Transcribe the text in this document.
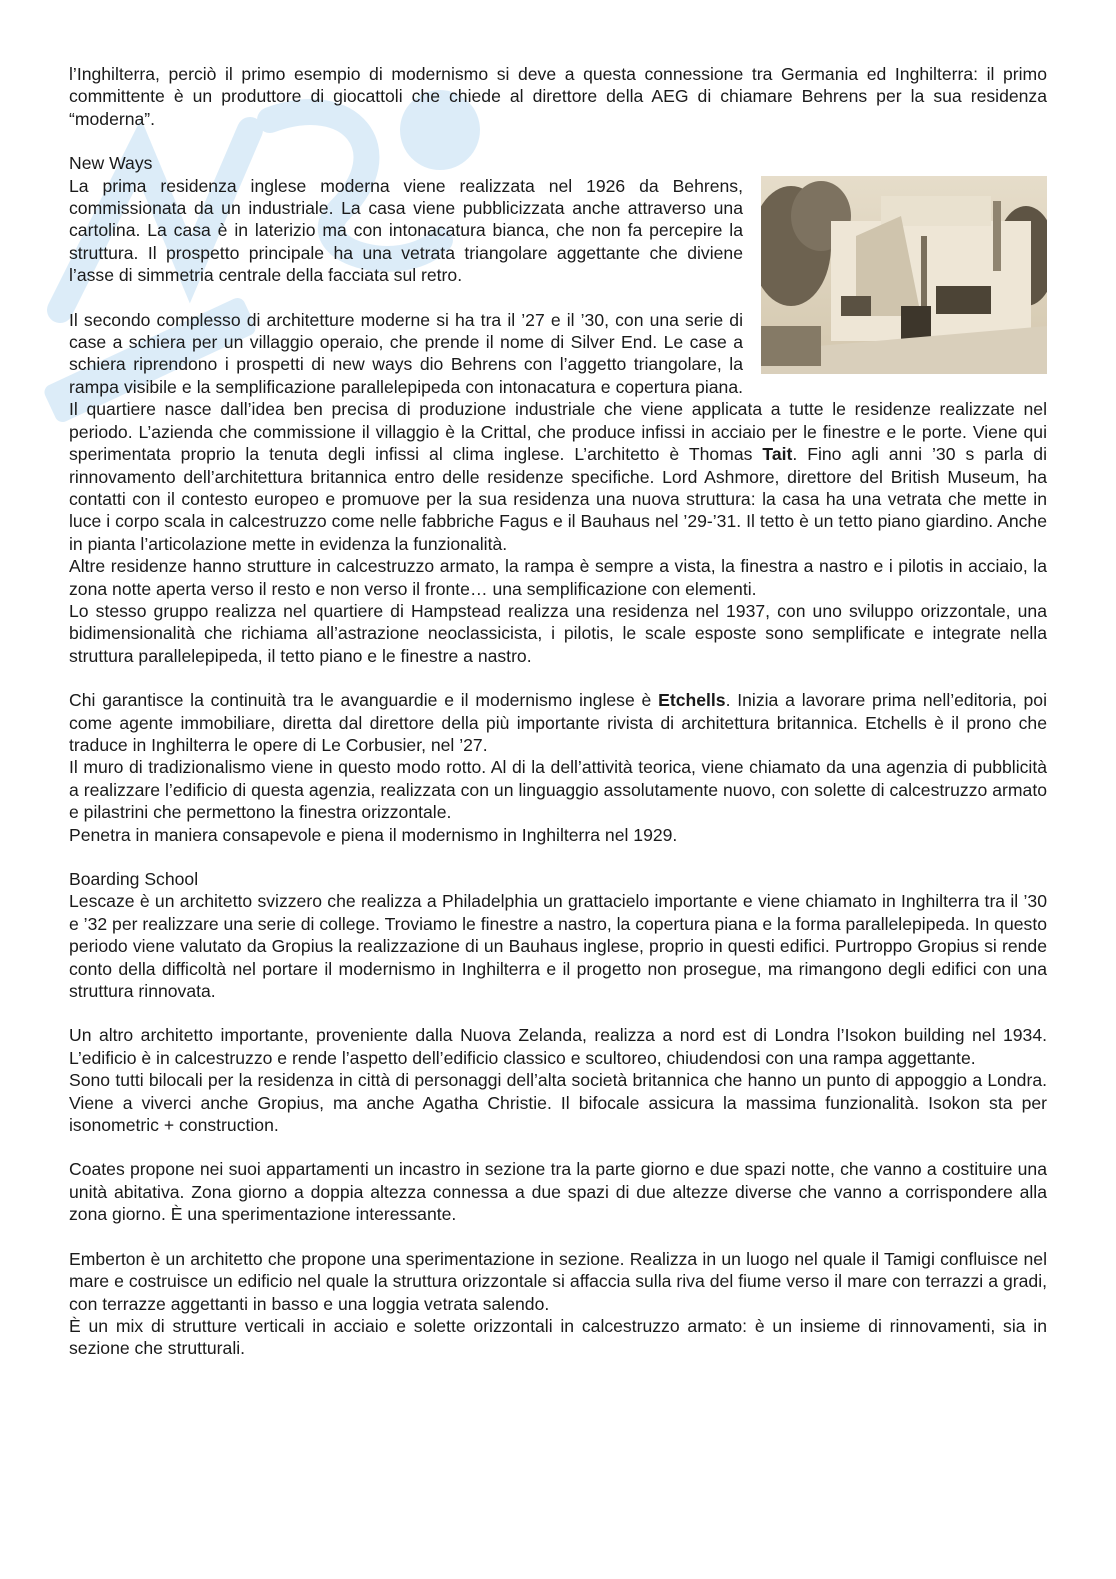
l’Inghilterra, perciò il primo esempio di modernismo si deve a questa connessione tra Germania ed Inghilterra: il primo committente è un produttore di giocattoli che chiede al direttore della AEG di chiamare Behrens per la sua residenza “moderna”.

New Ways

La prima residenza inglese moderna viene realizzata nel 1926 da Behrens, commissionata da un industriale. La casa viene pubblicizzata anche attraverso una cartolina. La casa è in laterizio ma con intonacatura bianca, che non fa percepire la struttura. Il prospetto principale ha una vetrata triangolare aggettante che diviene l’asse di simmetria centrale della facciata sul retro.

Il secondo complesso di architetture moderne si ha tra il ’27 e il ’30, con una serie di case a schiera per un villaggio operaio, che prende il nome di Silver End. Le case a schiera riprendono i prospetti di new ways dio Behrens con l’aggetto triangolare, la rampa visibile e la semplificazione parallelepipeda con intonacatura e copertura piana. Il quartiere nasce dall’idea ben precisa di produzione industriale che viene applicata a tutte le residenze realizzate nel periodo. L’azienda che commissione il villaggio è la Crittal, che produce infissi in acciaio per le finestre e le porte. Viene qui sperimentata proprio la tenuta degli infissi al clima inglese. L’architetto è Thomas Tait. Fino agli anni ’30 s parla di rinnovamento dell’architettura britannica entro delle residenze specifiche. Lord Ashmore, direttore del British Museum, ha contatti con il contesto europeo e promuove per la sua residenza una nuova struttura: la casa ha una vetrata che mette in luce i corpo scala in calcestruzzo come nelle fabbriche Fagus e il Bauhaus nel ’29-’31. Il tetto è un tetto piano giardino. Anche in pianta l’articolazione mette in evidenza la funzionalità.

Altre residenze hanno strutture in calcestruzzo armato, la rampa è sempre a vista, la finestra a nastro e i pilotis in acciaio, la zona notte aperta verso il resto e non verso il fronte… una semplificazione con elementi.

Lo stesso gruppo realizza nel quartiere di Hampstead realizza una residenza nel 1937, con uno sviluppo orizzontale, una bidimensionalità che richiama all’astrazione neoclassicista, i pilotis, le scale esposte sono semplificate e integrate nella struttura parallelepipeda, il tetto piano e le finestre a nastro.

Chi garantisce la continuità tra le avanguardie e il modernismo inglese è Etchells. Inizia a lavorare prima nell’editoria, poi come agente immobiliare, diretta dal direttore della più importante rivista di architettura britannica. Etchells è il prono che traduce in Inghilterra le opere di Le Corbusier, nel ’27.

Il muro di tradizionalismo viene in questo modo rotto. Al di la dell’attività teorica, viene chiamato da una agenzia di pubblicità a realizzare l’edificio di questa agenzia, realizzata con un linguaggio assolutamente nuovo, con solette di calcestruzzo armato e pilastrini che permettono la finestra orizzontale.

Penetra in maniera consapevole e piena il modernismo in Inghilterra nel 1929.

Boarding School

Lescaze è un architetto svizzero che realizza a Philadelphia un grattacielo importante e viene chiamato in Inghilterra tra il ’30 e ’32 per realizzare una serie di college. Troviamo le finestre a nastro, la copertura piana e la forma parallelepipeda. In questo periodo viene valutato da Gropius la realizzazione di un Bauhaus inglese, proprio in questi edifici. Purtroppo Gropius si rende conto della difficoltà nel portare il modernismo in Inghilterra e il progetto non prosegue, ma rimangono degli edifici con una struttura rinnovata.

Un altro architetto importante, proveniente dalla Nuova Zelanda, realizza a nord est di Londra l’Isokon building nel 1934. L’edificio è in calcestruzzo e rende l’aspetto dell’edificio classico e scultoreo, chiudendosi con una rampa aggettante.

Sono tutti bilocali per la residenza in città di personaggi dell’alta società britannica che hanno un punto di appoggio a Londra. Viene a viverci anche Gropius, ma anche Agatha Christie. Il bifocale assicura la massima funzionalità. Isokon sta per isonometric + construction.

Coates propone nei suoi appartamenti un incastro in sezione tra la parte giorno e due spazi notte, che vanno a costituire una unità abitativa. Zona giorno a doppia altezza connessa a due spazi di due altezze diverse che vanno a corrispondere alla zona giorno. È una sperimentazione interessante.

Emberton è un architetto che propone una sperimentazione in sezione. Realizza in un luogo nel quale il Tamigi confluisce nel mare e costruisce un edificio nel quale la struttura orizzontale si affaccia sulla riva del fiume verso il mare con terrazzi a gradi, con terrazze aggettanti in basso e una loggia vetrata salendo.

È un mix di strutture verticali in acciaio e solette orizzontali in calcestruzzo armato: è un insieme di rinnovamenti, sia in sezione che strutturali.
